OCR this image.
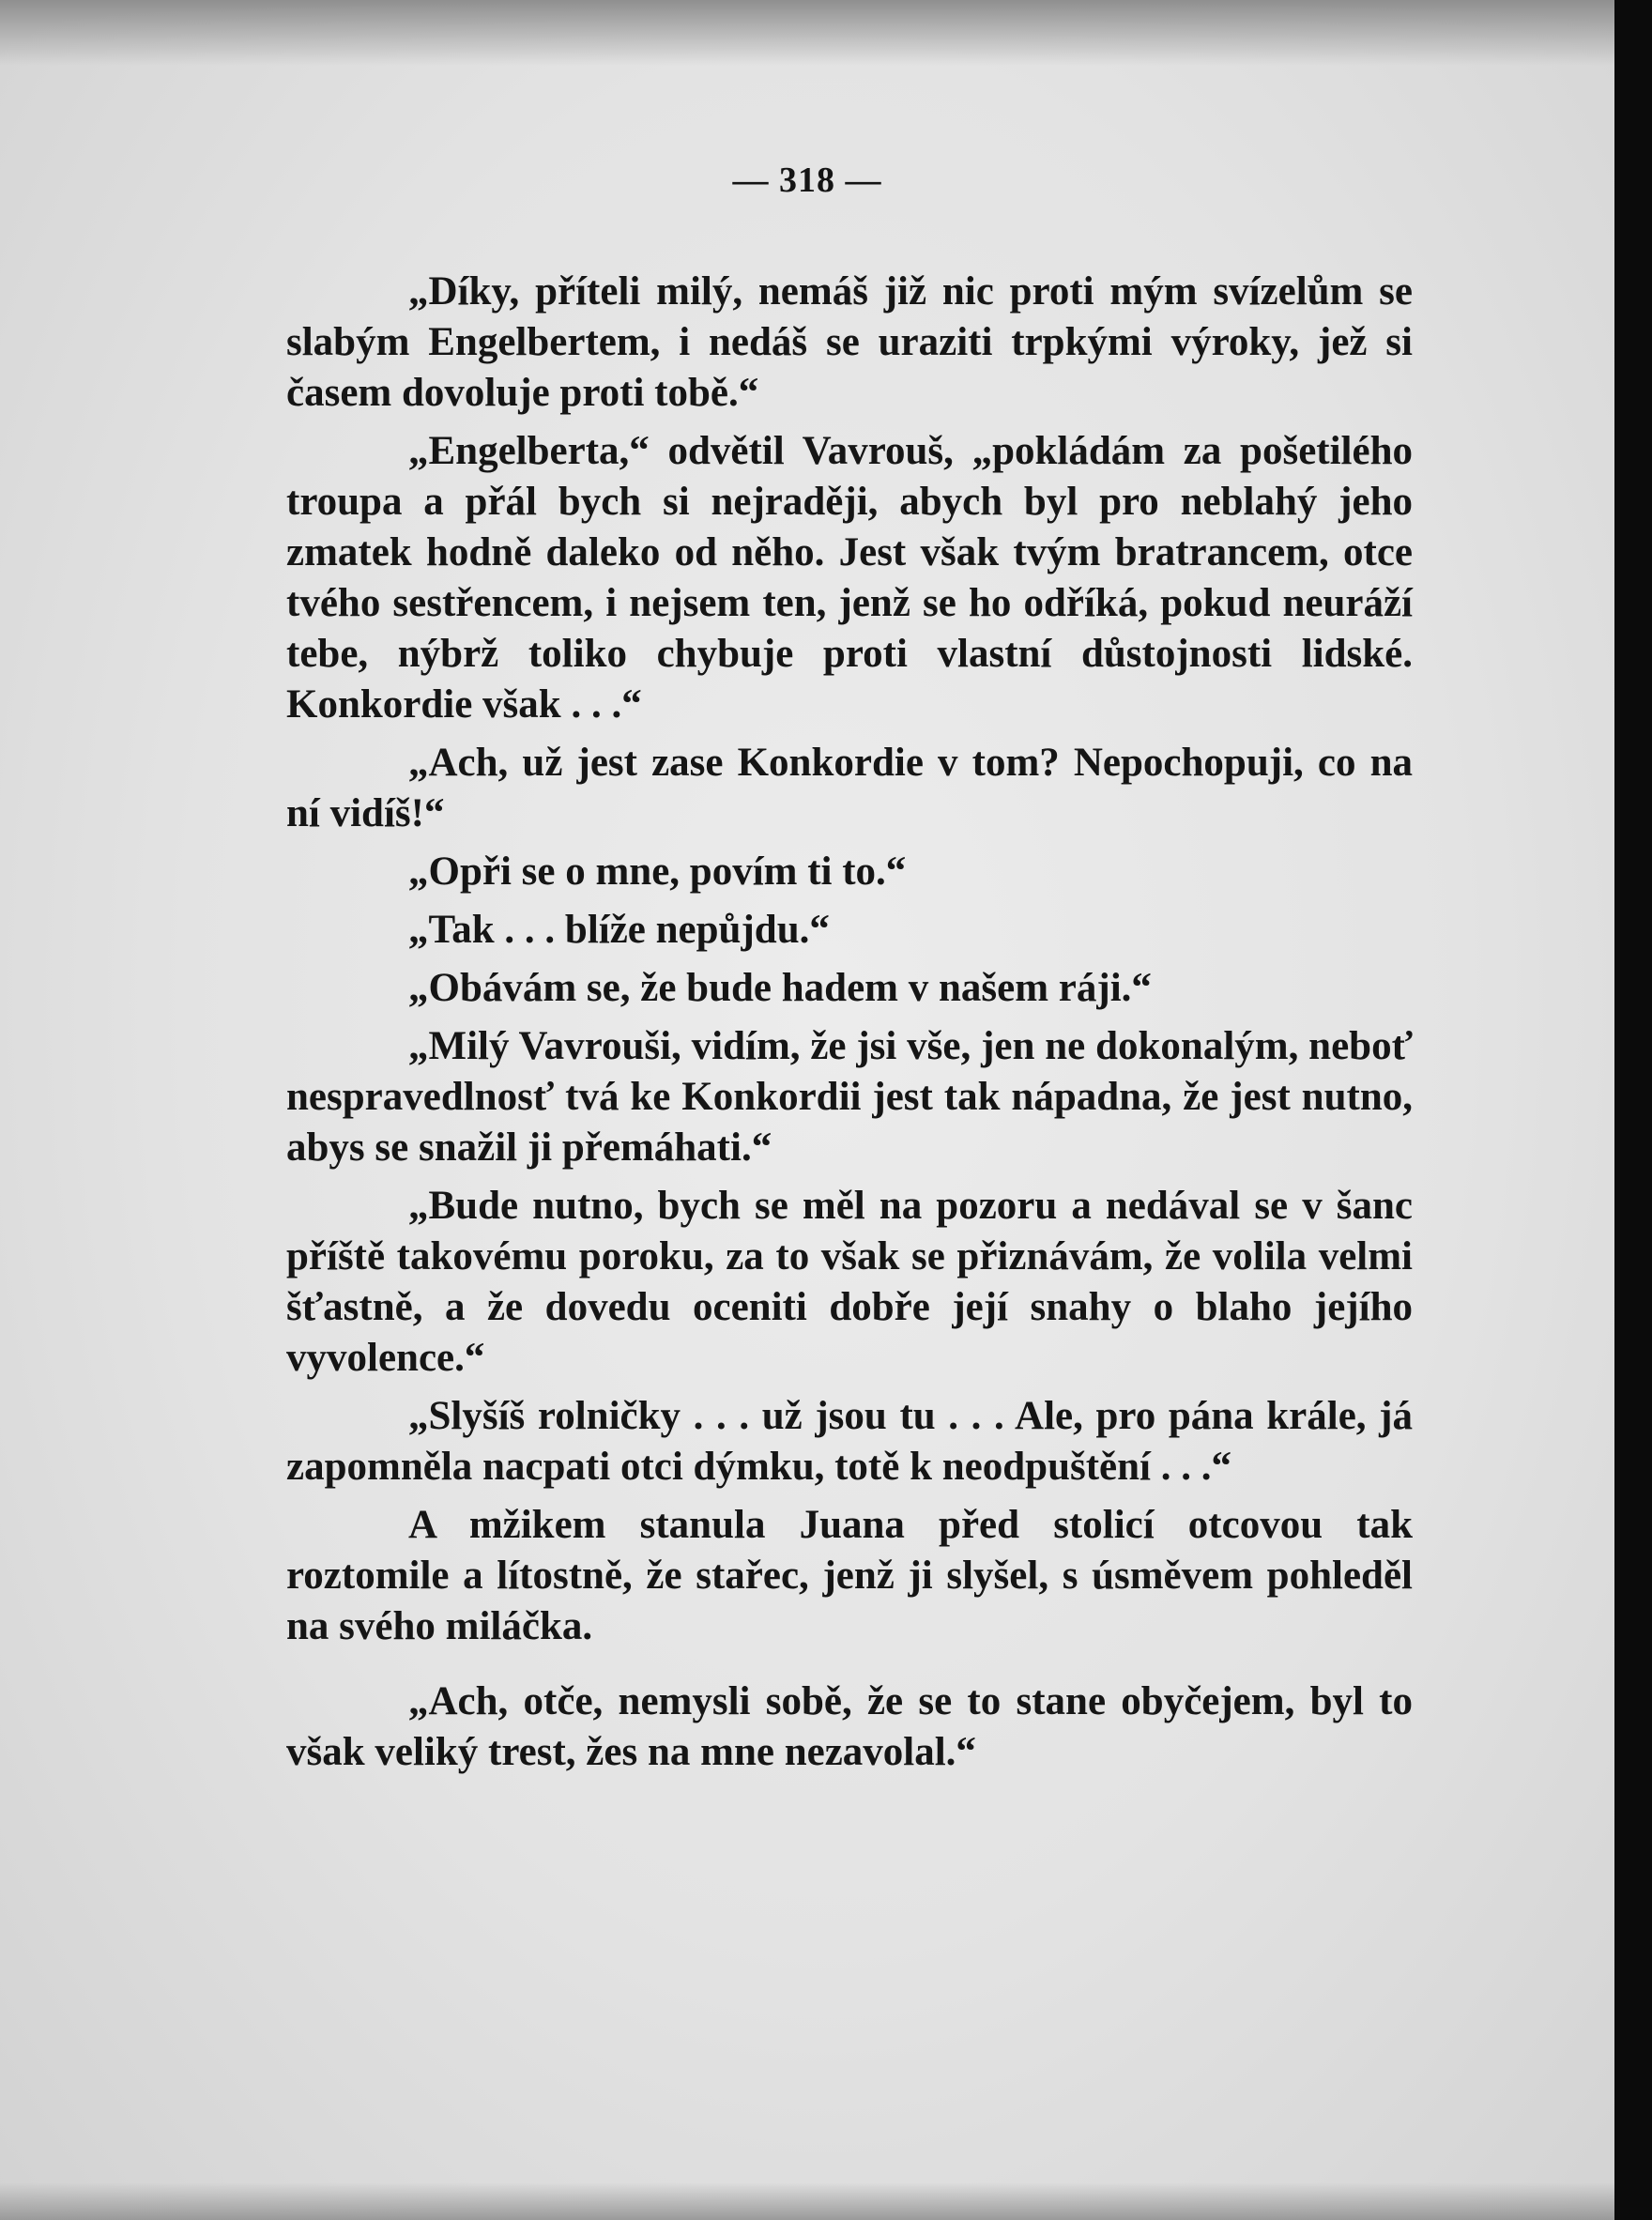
— 318 —

„Díky, příteli milý, nemáš již nic proti mým svízelům se slabým Engelbertem, i nedáš se uraziti trpkými výroky, jež si časem dovoluje proti tobě.“

„Engelberta,“ odvětil Vavrouš, „pokládám za pošetilého troupa a přál bych si nejraději, abych byl pro neblahý jeho zmatek hodně daleko od něho. Jest však tvým bratrancem, otce tvého sestřencem, i nejsem ten, jenž se ho odříká, pokud neuráží tebe, nýbrž toliko chybuje proti vlastní důstojnosti lidské. Konkordie však . . .“

„Ach, už jest zase Konkordie v tom? Nepochopuji, co na ní vidíš!“

„Opři se o mne, povím ti to.“

„Tak . . . blíže nepůjdu.“

„Obávám se, že bude hadem v našem ráji.“

„Milý Vavrouši, vidím, že jsi vše, jen ne dokonalým, neboť nespravedlnosť tvá ke Konkordii jest tak nápadna, že jest nutno, abys se snažil ji přemáhati.“

„Bude nutno, bych se měl na pozoru a nedával se v šanc příště takovému poroku, za to však se přiznávám, že volila velmi šťastně, a že dovedu oceniti dobře její snahy o blaho jejího vyvolence.“

„Slyšíš rolničky . . . už jsou tu . . . Ale, pro pána krále, já zapomněla nacpati otci dýmku, totě k neodpuštění . . .“

A mžikem stanula Juana před stolicí otcovou tak roztomile a lítostně, že stařec, jenž ji slyšel, s úsměvem pohleděl na svého miláčka.

„Ach, otče, nemysli sobě, že se to stane obyčejem, byl to však veliký trest, žes na mne nezavolal.“
